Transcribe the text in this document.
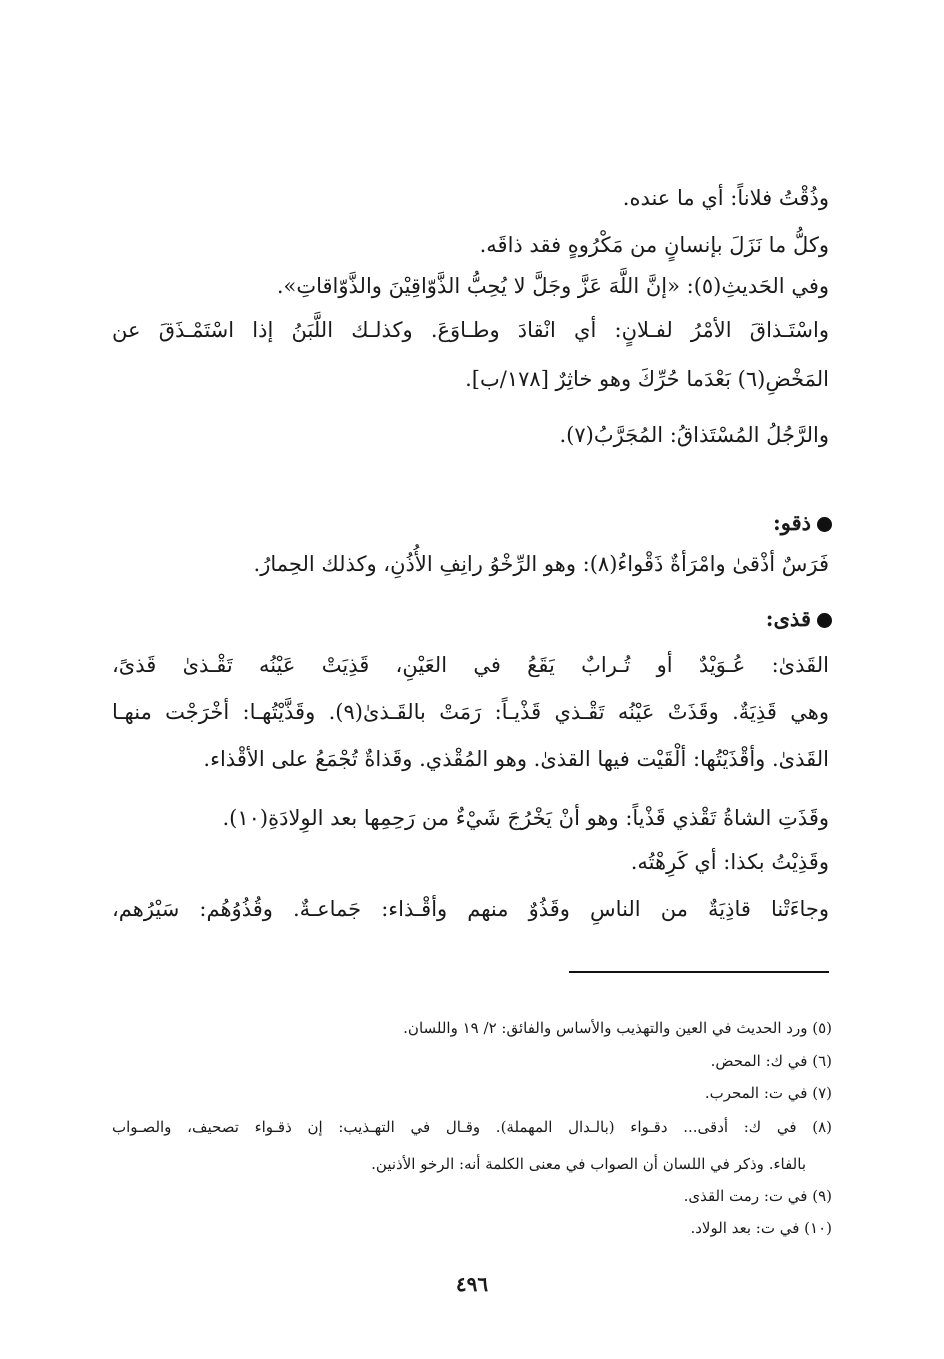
وذُقْتُ فلاناً: أي ما عنده.
وكلُّ ما نَزَلَ بإنسانٍ من مَكْرُوهٍ فقد ذاقَه.
وفي الحَديثِ(٥): «إنَّ اللَّهَ عَزَّ وجَلَّ لا يُحِبُّ الذَّوّاقِيْنَ والذَّوّاقاتِ».
واسْتَـذاقَ الأمْرُ لفـلانٍ: أي انْقادَ وطـاوَعَ. وكذلـك اللَّبَنُ إذا اسْتَمْـذَقَ عن
المَخْضِ(٦) بَعْدَما حُرِّكَ وهو خاثِرٌ [١٧٨/ب].
والرَّجُلُ المُسْتَذاقُ: المُجَرَّبُ(٧).
ذقو:
فَرَسٌ أذْقىٰ وامْرَأةٌ ذَقْواءُ(٨): وهو الرِّخْوُ رانِفِ الأُذُنِ، وكذلك الحِمارُ.
قذى:
القَذىٰ: عُـوَيْدٌ أو تُـرابٌ يَقَعُ في العَيْنِ، قَذِيَتْ عَيْنُه تَقْـذىٰ قَذىً،
وهي قَذِيَةٌ. وقَذَتْ عَيْنُه تَقْـذي قَذْيـاً: رَمَتْ بالقَـذىٰ(٩). وقَذَّيْتُهـا: أخْرَجْت منهـا
القَذىٰ. وأقْذَيْتُها: ألْقَيْت فيها القذىٰ. وهو المُقْذي. وقَذاةٌ تُجْمَعُ على الأقْذاء.
وقَذَتِ الشاةُ تَقْذي قَذْياً: وهو أنْ يَخْرُجَ شَيْءٌ من رَحِمِها بعد الوِلادَةِ(١٠).
وقَذِيْتُ بكذا: أي كَرِهْتُه.
وجاءَتْنا قاذِيَةٌ من الناسِ وقَذُوٌ منهم وأقْـذاء: جَماعـةٌ. وقُذُوُهُم: سَيْرُهم،
(٥) ورد الحديث في العين والتهذيب والأساس والفائق: ٢/ ١٩ واللسان.
(٦) في ك: المحض.
(٧) في ت: المحرب.
(٨) في ك: أدقى... دقـواء (بالـدال المهملة). وقـال في التهـذيب: إن ذقـواء تصحيف، والصـواب
بالفاء. وذكر في اللسان أن الصواب في معنى الكلمة أنه: الرخو الأذنين.
(٩) في ت: رمت القذى.
(١٠) في ت: بعد الولاد.
٤٩٦
